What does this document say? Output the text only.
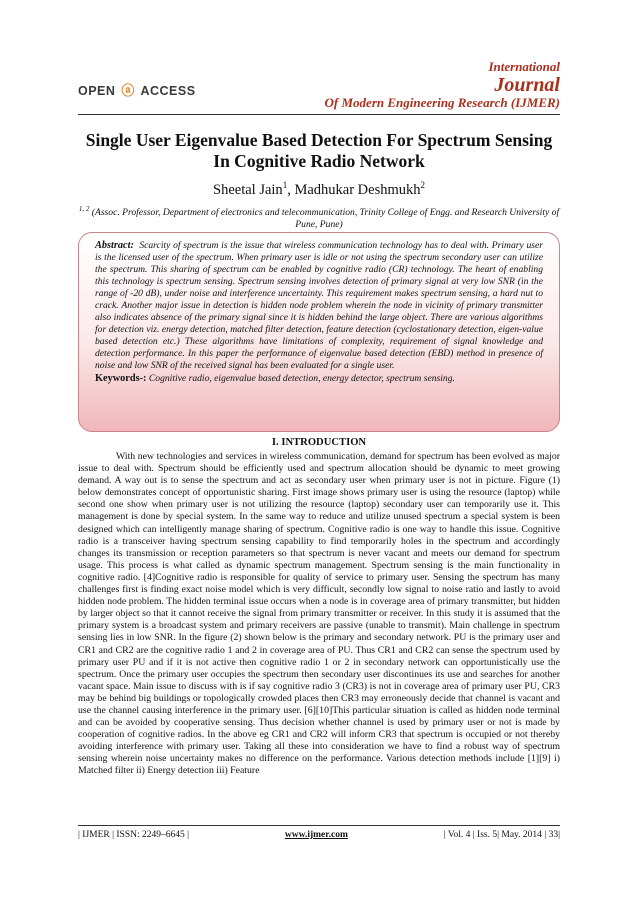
OPEN ⓐ ACCESS
International
Journal
Of Modern Engineering Research (IJMER)
Single User Eigenvalue Based Detection For Spectrum Sensing In Cognitive Radio Network
Sheetal Jain$^1$, Madhukar Deshmukh$^2$
$^{1, 2}$ (Assoc. Professor, Department of electronics and telecommunication, Trinity College of Engg. and Research University of Pune, Pune)

Abstract: Scarcity of spectrum is the issue that wireless communication technology has to deal with. Primary user is the licensed user of the spectrum. When primary user is idle or not using the spectrum secondary user can utilize the spectrum. This sharing of spectrum can be enabled by cognitive radio (CR) technology. The heart of enabling this technology is spectrum sensing. Spectrum sensing involves detection of primary signal at very low SNR (in the range of -20 dB), under noise and interference uncertainty. This requirement makes spectrum sensing, a hard nut to crack. Another major issue in detection is hidden node problem wherein the node in vicinity of primary transmitter also indicates absence of the primary signal since it is hidden behind the large object. There are various algorithms for detection viz. energy detection, matched filter detection, feature detection (cyclostationary detection, eigen-value based detection etc.) These algorithms have limitations of complexity, requirement of signal knowledge and detection performance. In this paper the performance of eigenvalue based detection (EBD) method in presence of noise and low SNR of the received signal has been evaluated for a single user.

Keywords-: Cognitive radio, eigenvalue based detection, energy detector, spectrum sensing.

I. INTRODUCTION

With new technologies and services in wireless communication, demand for spectrum has been evolved as major issue to deal with. Spectrum should be efficiently used and spectrum allocation should be dynamic to meet growing demand. A way out is to sense the spectrum and act as secondary user when primary user is not in picture. Figure (1) below demonstrates concept of opportunistic sharing. First image shows primary user is using the resource (laptop) while second one show when primary user is not utilizing the resource (laptop) secondary user can temporarily use it. This management is done by special system. In the same way to reduce and utilize unused spectrum a special system is been designed which can intelligently manage sharing of spectrum. Cognitive radio is one way to handle this issue. Cognitive radio is a transceiver having spectrum sensing capability to find temporarily holes in the spectrum and accordingly changes its transmission or reception parameters so that spectrum is never vacant and meets our demand for spectrum usage. This process is what called as dynamic spectrum management. Spectrum sensing is the main functionality in cognitive radio. [4]Cognitive radio is responsible for quality of service to primary user. Sensing the spectrum has many challenges first is finding exact noise model which is very difficult, secondly low signal to noise ratio and lastly to avoid hidden node problem. The hidden terminal issue occurs when a node is in coverage area of primary transmitter, but hidden by larger object so that it cannot receive the signal from primary transmitter or receiver. In this study it is assumed that the primary system is a broadcast system and primary receivers are passive (unable to transmit). Main challenge in spectrum sensing lies in low SNR. In the figure (2) shown below is the primary and secondary network. PU is the primary user and CR1 and CR2 are the cognitive radio 1 and 2 in coverage area of PU. Thus CR1 and CR2 can sense the spectrum used by primary user PU and if it is not active then cognitive radio 1 or 2 in secondary network can opportunistically use the spectrum. Once the primary user occupies the spectrum then secondary user discontinues its use and searches for another vacant space. Main issue to discuss with is if say cognitive radio 3 (CR3) is not in coverage area of primary user PU, CR3 may be behind big buildings or topologically crowded places then CR3 may erroneously decide that channel is vacant and use the channel causing interference in the primary user. [6][10]This particular situation is called as hidden node terminal and can be avoided by cooperative sensing. Thus decision whether channel is used by primary user or not is made by cooperation of cognitive radios. In the above eg CR1 and CR2 will inform CR3 that spectrum is occupied or not thereby avoiding interference with primary user. Taking all these into consideration we have to find a robust way of spectrum sensing wherein noise uncertainty makes no difference on the performance. Various detection methods include [1][9] i) Matched filter ii) Energy detection iii) Feature

| IJMER | ISSN: 2249–6645 |	www.ijmer.com	| Vol. 4 | Iss. 5| May. 2014 | 33|
